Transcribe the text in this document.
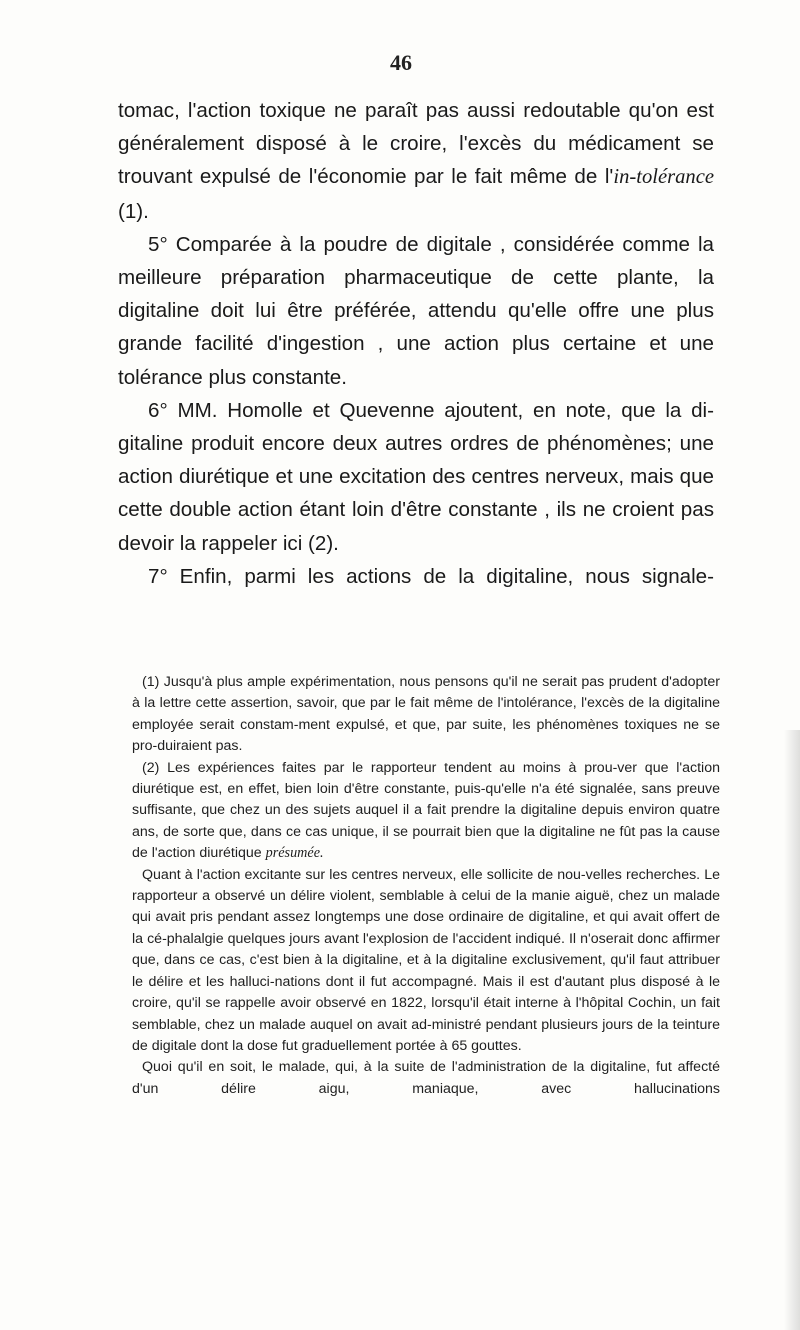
46

tomac, l'action toxique ne paraît pas aussi redoutable qu'on est généralement disposé à le croire, l'excès du médicament se trouvant expulsé de l'économie par le fait même de l'in-tolérance (1).

5° Comparée à la poudre de digitale , considérée comme la meilleure préparation pharmaceutique de cette plante, la digitaline doit lui être préférée, attendu qu'elle offre une plus grande facilité d'ingestion , une action plus certaine et une tolérance plus constante.

6° MM. Homolle et Quevenne ajoutent, en note, que la di-gitaline produit encore deux autres ordres de phénomènes; une action diurétique et une excitation des centres nerveux, mais que cette double action étant loin d'être constante , ils ne croient pas devoir la rappeler ici (2).

7° Enfin, parmi les actions de la digitaline, nous signale-

(1) Jusqu'à plus ample expérimentation, nous pensons qu'il ne serait pas prudent d'adopter à la lettre cette assertion, savoir, que par le fait même de l'intolérance, l'excès de la digitaline employée serait constam-ment expulsé, et que, par suite, les phénomènes toxiques ne se pro-duiraient pas.

(2) Les expériences faites par le rapporteur tendent au moins à prou-ver que l'action diurétique est, en effet, bien loin d'être constante, puis-qu'elle n'a été signalée, sans preuve suffisante, que chez un des sujets auquel il a fait prendre la digitaline depuis environ quatre ans, de sorte que, dans ce cas unique, il se pourrait bien que la digitaline ne fût pas la cause de l'action diurétique présumée.

Quant à l'action excitante sur les centres nerveux, elle sollicite de nou-velles recherches. Le rapporteur a observé un délire violent, semblable à celui de la manie aiguë, chez un malade qui avait pris pendant assez longtemps une dose ordinaire de digitaline, et qui avait offert de la cé-phalalgie quelques jours avant l'explosion de l'accident indiqué. Il n'oserait donc affirmer que, dans ce cas, c'est bien à la digitaline, et à la digitaline exclusivement, qu'il faut attribuer le délire et les halluci-nations dont il fut accompagné. Mais il est d'autant plus disposé à le croire, qu'il se rappelle avoir observé en 1822, lorsqu'il était interne à l'hôpital Cochin, un fait semblable, chez un malade auquel on avait ad-ministré pendant plusieurs jours de la teinture de digitale dont la dose fut graduellement portée à 65 gouttes.

Quoi qu'il en soit, le malade, qui, à la suite de l'administration de la digitaline, fut affecté d'un délire aigu, maniaque, avec hallucinations
